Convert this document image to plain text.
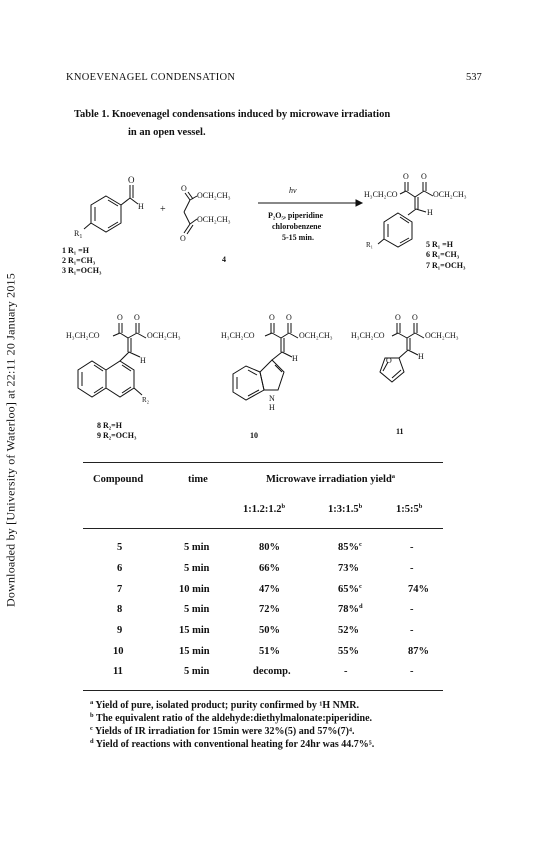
Downloaded by [University of Waterloo] at 22:11 20 January 2015
KNOEVENAGEL CONDENSATION	537
Table 1. Knoevenagel condensations induced by microwave irradiation
in an open vessel.
O
H
$R_1$
+
O
O
OCH₂CH₃
OCH₂CH₃
4
hv
P₂O₅, piperidine
chlorobenzene
5-15 min.
1 R₁ =H
2 R₁=CH₃
3 R₁=OCH₃
O O
H₃CH₂CO	OCH₂CH₃
H
R₁	5 R₁ =H
6 R₁=CH₃
7 R₁=OCH₃
O O
H₃CH₂CO	OCH₂CH₃
H
R₂
8 R₂=H
9 R₂=OCH₃
O O
H₃CH₂CO	OCH₂CH₃
H
N
H
10
O O
H₃CH₂CO	OCH₂CH₃
H
O
11
Compound	time	Microwave irradiation yield$^a$
1:1.2:1.2$^b$	1:3:1.5$^b$	1:5:5$^b$
5	5 min	80%	85%$^c$	-
6	5 min	66%	73%	-
7	10 min	47%	65%$^c$	74%
8	5 min	72%	78%$^d$	-
9	15 min	50%	52%	-
10	15 min	51%	55%	87%
11	5 min	decomp.	-	-
$^a$ Yield of pure, isolated product; purity confirmed by ¹H NMR.
$^b$ The equivalent ratio of the aldehyde:diethylmalonate:piperidine.
$^c$ Yields of IR irradiation for 15min were 32%(5) and 57%(7)⁴.
$^d$ Yield of reactions with conventional heating for 24hr was 44.7%⁵.
